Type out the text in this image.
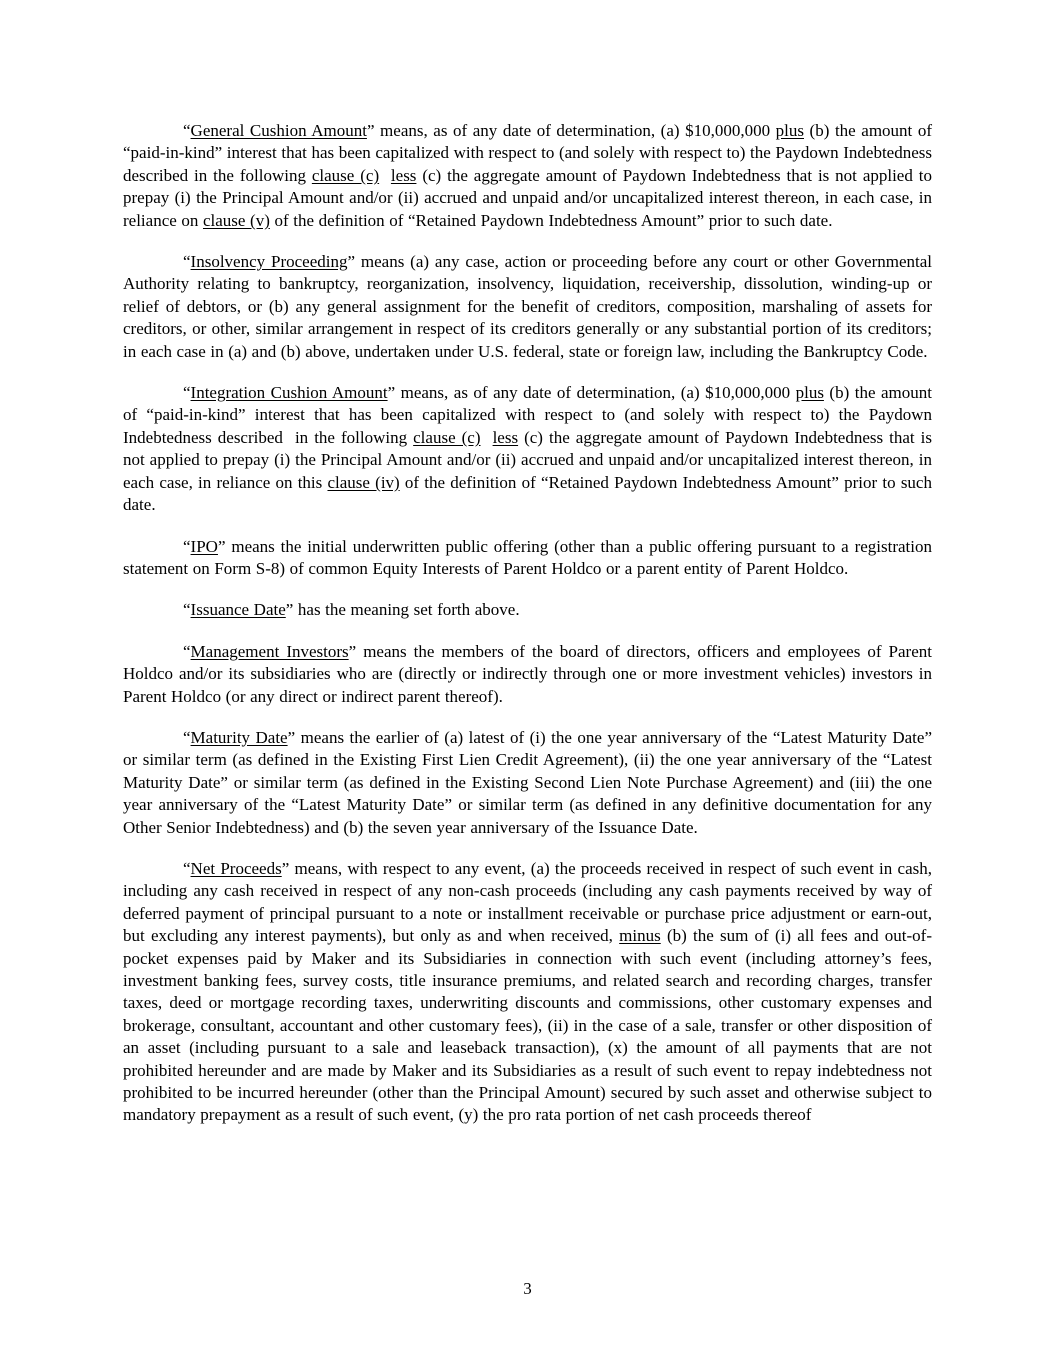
“General Cushion Amount” means, as of any date of determination, (a) $10,000,000 plus (b) the amount of “paid-in-kind” interest that has been capitalized with respect to (and solely with respect to) the Paydown Indebtedness described in the following clause (c) less (c) the aggregate amount of Paydown Indebtedness that is not applied to prepay (i) the Principal Amount and/or (ii) accrued and unpaid and/or uncapitalized interest thereon, in each case, in reliance on clause (v) of the definition of “Retained Paydown Indebtedness Amount” prior to such date.

“Insolvency Proceeding” means (a) any case, action or proceeding before any court or other Governmental Authority relating to bankruptcy, reorganization, insolvency, liquidation, receivership, dissolution, winding-up or relief of debtors, or (b) any general assignment for the benefit of creditors, composition, marshaling of assets for creditors, or other, similar arrangement in respect of its creditors generally or any substantial portion of its creditors; in each case in (a) and (b) above, undertaken under U.S. federal, state or foreign law, including the Bankruptcy Code.

“Integration Cushion Amount” means, as of any date of determination, (a) $10,000,000 plus (b) the amount of “paid-in-kind” interest that has been capitalized with respect to (and solely with respect to) the Paydown Indebtedness described  in the following clause (c) less (c) the aggregate amount of Paydown Indebtedness that is not applied to prepay (i) the Principal Amount and/or (ii) accrued and unpaid and/or uncapitalized interest thereon, in each case, in reliance on this clause (iv) of the definition of “Retained Paydown Indebtedness Amount” prior to such date.

“IPO” means the initial underwritten public offering (other than a public offering pursuant to a registration statement on Form S-8) of common Equity Interests of Parent Holdco or a parent entity of Parent Holdco.

“Issuance Date” has the meaning set forth above.

“Management Investors” means the members of the board of directors, officers and employees of Parent Holdco and/or its subsidiaries who are (directly or indirectly through one or more investment vehicles) investors in Parent Holdco (or any direct or indirect parent thereof).

“Maturity Date” means the earlier of (a) latest of (i) the one year anniversary of the “Latest Maturity Date” or similar term (as defined in the Existing First Lien Credit Agreement), (ii) the one year anniversary of the “Latest Maturity Date” or similar term (as defined in the Existing Second Lien Note Purchase Agreement) and (iii) the one year anniversary of the “Latest Maturity Date” or similar term (as defined in any definitive documentation for any Other Senior Indebtedness) and (b) the seven year anniversary of the Issuance Date.

“Net Proceeds” means, with respect to any event, (a) the proceeds received in respect of such event in cash, including any cash received in respect of any non-cash proceeds (including any cash payments received by way of deferred payment of principal pursuant to a note or installment receivable or purchase price adjustment or earn-out, but excluding any interest payments), but only as and when received, minus (b) the sum of (i) all fees and out-of-pocket expenses paid by Maker and its Subsidiaries in connection with such event (including attorney’s fees, investment banking fees, survey costs, title insurance premiums, and related search and recording charges, transfer taxes, deed or mortgage recording taxes, underwriting discounts and commissions, other customary expenses and brokerage, consultant, accountant and other customary fees), (ii) in the case of a sale, transfer or other disposition of an asset (including pursuant to a sale and leaseback transaction), (x) the amount of all payments that are not prohibited hereunder and are made by Maker and its Subsidiaries as a result of such event to repay indebtedness not prohibited to be incurred hereunder (other than the Principal Amount) secured by such asset and otherwise subject to mandatory prepayment as a result of such event, (y) the pro rata portion of net cash proceeds thereof

3
